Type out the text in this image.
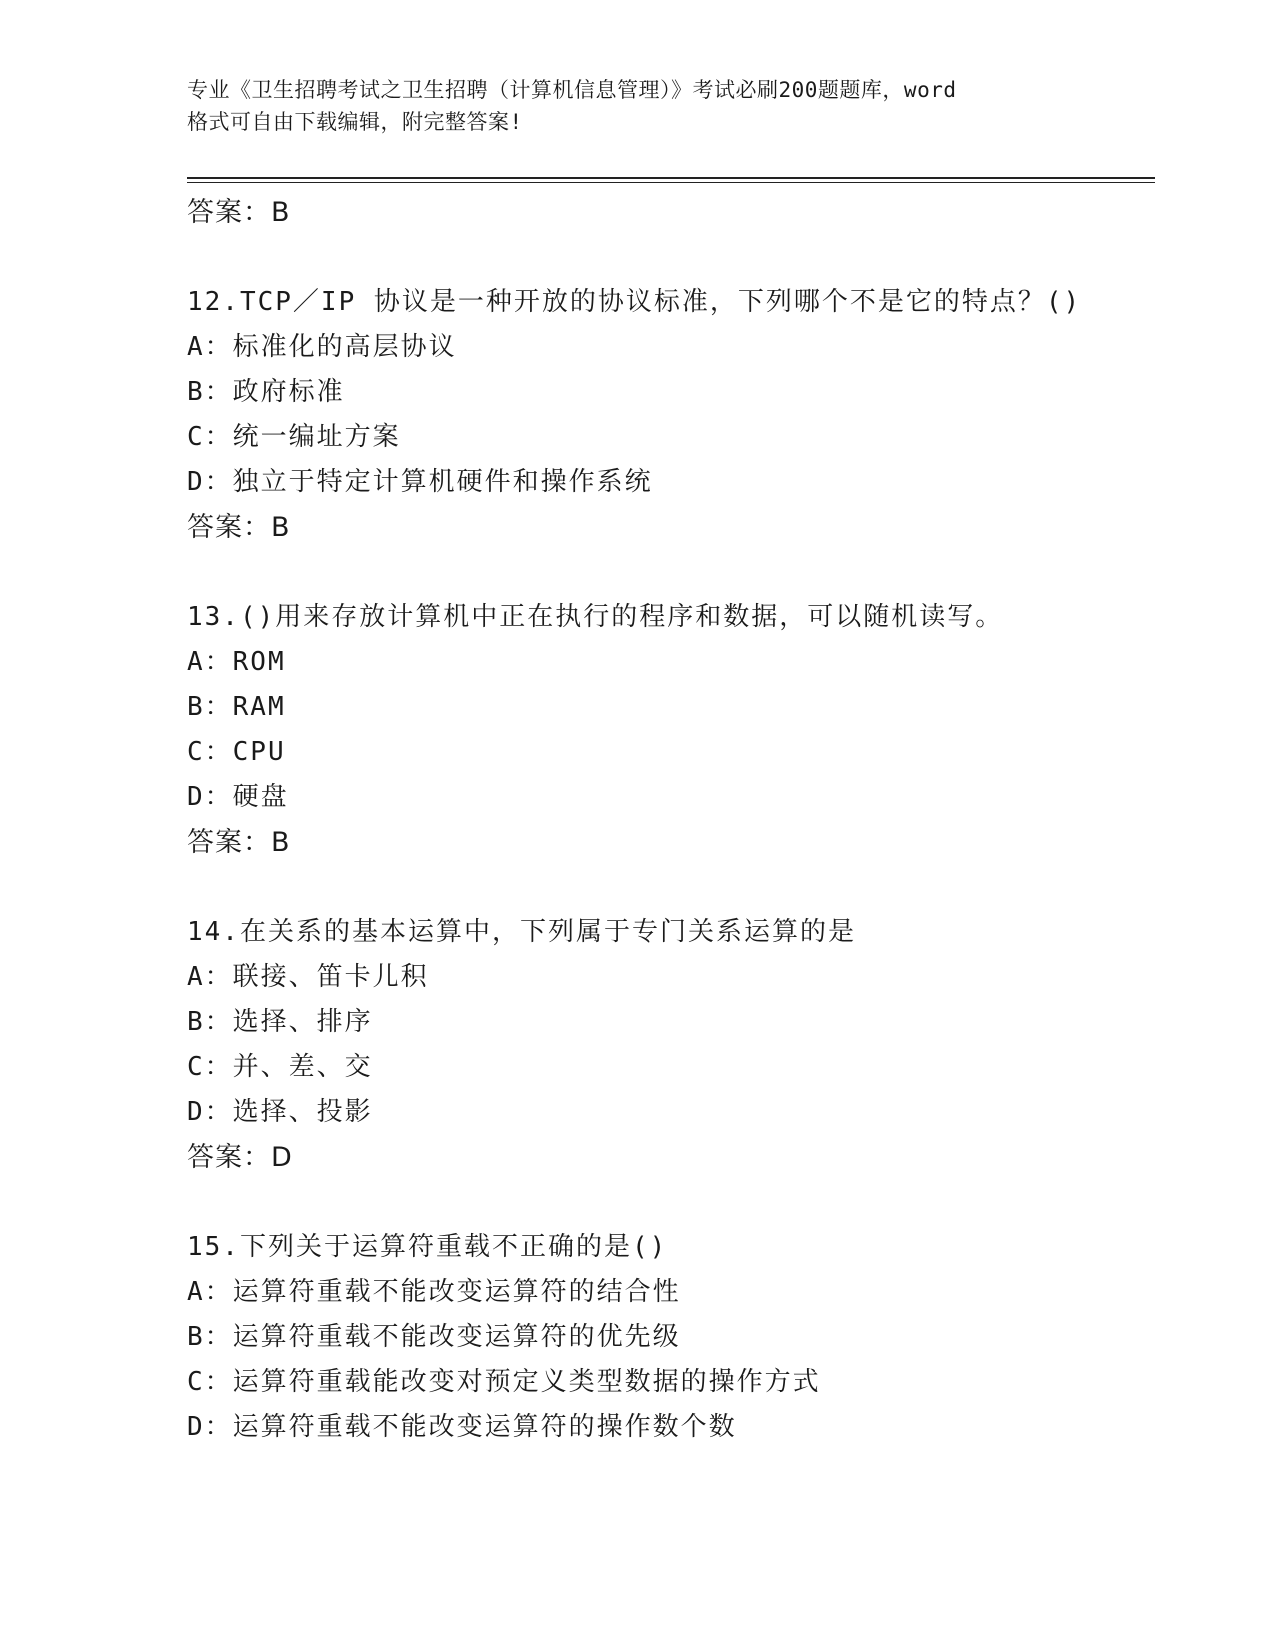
专业《卫生招聘考试之卫生招聘（计算机信息管理）》考试必刷200题题库，word
格式可自由下载编辑，附完整答案!
答案：B
12.TCP／IP 协议是一种开放的协议标准，下列哪个不是它的特点？()
A：标准化的高层协议
B：政府标准
C：统一编址方案
D：独立于特定计算机硬件和操作系统
答案：B
13.()用来存放计算机中正在执行的程序和数据，可以随机读写。
A：ROM
B：RAM
C：CPU
D：硬盘
答案：B
14.在关系的基本运算中，下列属于专门关系运算的是
A：联接、笛卡儿积
B：选择、排序
C：并、差、交
D：选择、投影
答案：D
15.下列关于运算符重载不正确的是()
A：运算符重载不能改变运算符的结合性
B：运算符重载不能改变运算符的优先级
C：运算符重载能改变对预定义类型数据的操作方式
D：运算符重载不能改变运算符的操作数个数
